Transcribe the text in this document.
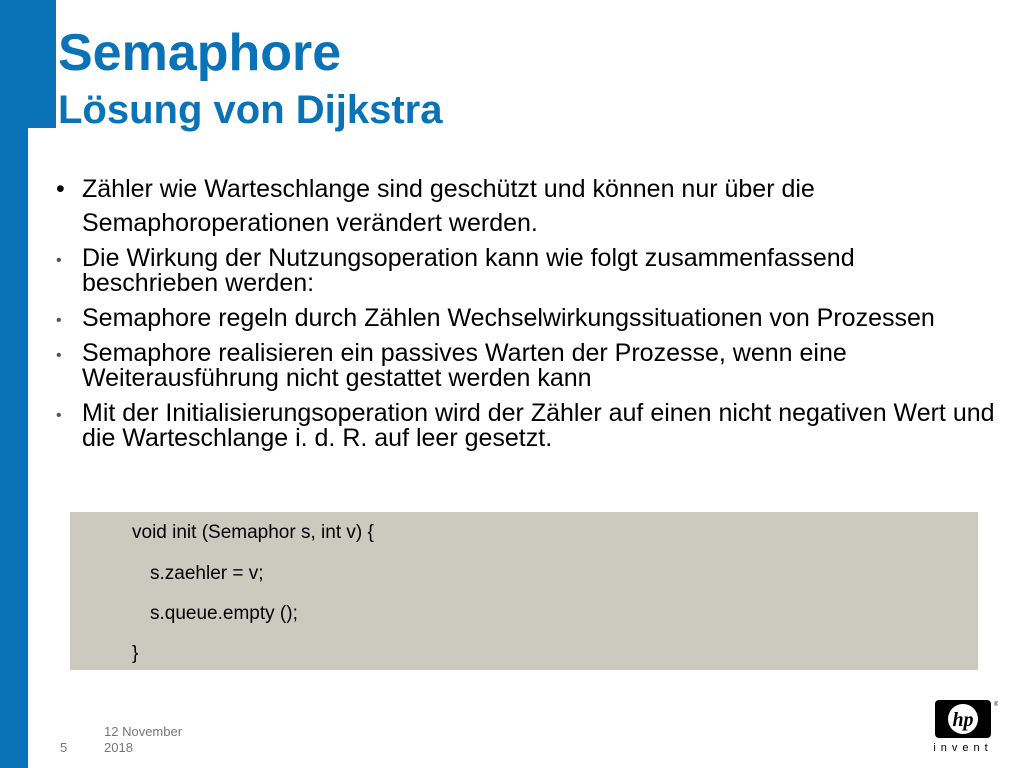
Semaphore
Lösung von Dijkstra
• Zähler wie Warteschlange sind geschützt und können nur über die Semaphoroperationen verändert werden.
• Die Wirkung der Nutzungsoperation kann wie folgt zusammenfassend beschrieben werden:
• Semaphore regeln durch Zählen Wechselwirkungssituationen von Prozessen
• Semaphore realisieren ein passives Warten der Prozesse, wenn eine Weiterausführung nicht gestattet werden kann
• Mit der Initialisierungsoperation wird der Zähler auf einen nicht negativen Wert und die Warteschlange i. d. R. auf leer gesetzt.
void init (Semaphor s, int v) {
s.zaehler = v;
s.queue.empty ();
}
5
12 November
2018
hp
®
invent
